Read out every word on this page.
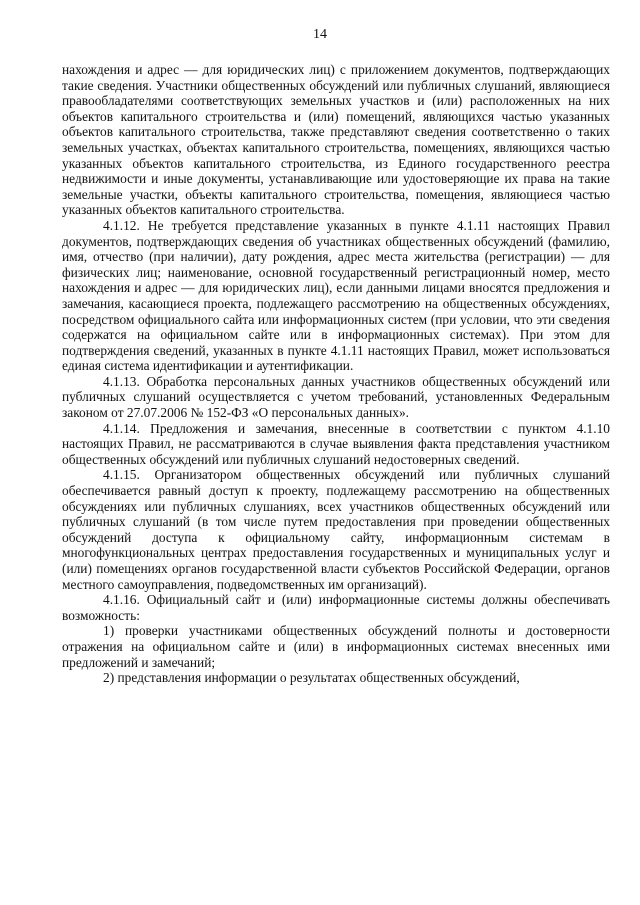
14

нахождения и адрес — для юридических лиц) с приложением документов, подтверждающих такие сведения. Участники общественных обсуждений или публичных слушаний, являющиеся правообладателями соответствующих земельных участков и (или) расположенных на них объектов капитального строительства и (или) помещений, являющихся частью указанных объектов капитального строительства, также представляют сведения соответственно о таких земельных участках, объектах капитального строительства, помещениях, являющихся частью указанных объектов капитального строительства, из Единого государственного реестра недвижимости и иные документы, устанавливающие или удостоверяющие их права на такие земельные участки, объекты капитального строительства, помещения, являющиеся частью указанных объектов капитального строительства.

4.1.12. Не требуется представление указанных в пункте 4.1.11 настоящих Правил документов, подтверждающих сведения об участниках общественных обсуждений (фамилию, имя, отчество (при наличии), дату рождения, адрес места жительства (регистрации) — для физических лиц; наименование, основной государственный регистрационный номер, место нахождения и адрес — для юридических лиц), если данными лицами вносятся предложения и замечания, касающиеся проекта, подлежащего рассмотрению на общественных обсуждениях, посредством официального сайта или информационных систем (при условии, что эти сведения содержатся на официальном сайте или в информационных системах). При этом для подтверждения сведений, указанных в пункте 4.1.11 настоящих Правил, может использоваться единая система идентификации и аутентификации.

4.1.13. Обработка персональных данных участников общественных обсуждений или публичных слушаний осуществляется с учетом требований, установленных Федеральным законом от 27.07.2006 № 152-ФЗ «О персональных данных».

4.1.14. Предложения и замечания, внесенные в соответствии с пунктом 4.1.10 настоящих Правил, не рассматриваются в случае выявления факта представления участником общественных обсуждений или публичных слушаний недостоверных сведений.

4.1.15. Организатором общественных обсуждений или публичных слушаний обеспечивается равный доступ к проекту, подлежащему рассмотрению на общественных обсуждениях или публичных слушаниях, всех участников общественных обсуждений или публичных слушаний (в том числе путем предоставления при проведении общественных обсуждений доступа к официальному сайту, информационным системам в многофункциональных центрах предоставления государственных и муниципальных услуг и (или) помещениях органов государственной власти субъектов Российской Федерации, органов местного самоуправления, подведомственных им организаций).

4.1.16. Официальный сайт и (или) информационные системы должны обеспечивать возможность:

1) проверки участниками общественных обсуждений полноты и достоверности отражения на официальном сайте и (или) в информационных системах внесенных ими предложений и замечаний;

2) представления информации о результатах общественных обсуждений,
